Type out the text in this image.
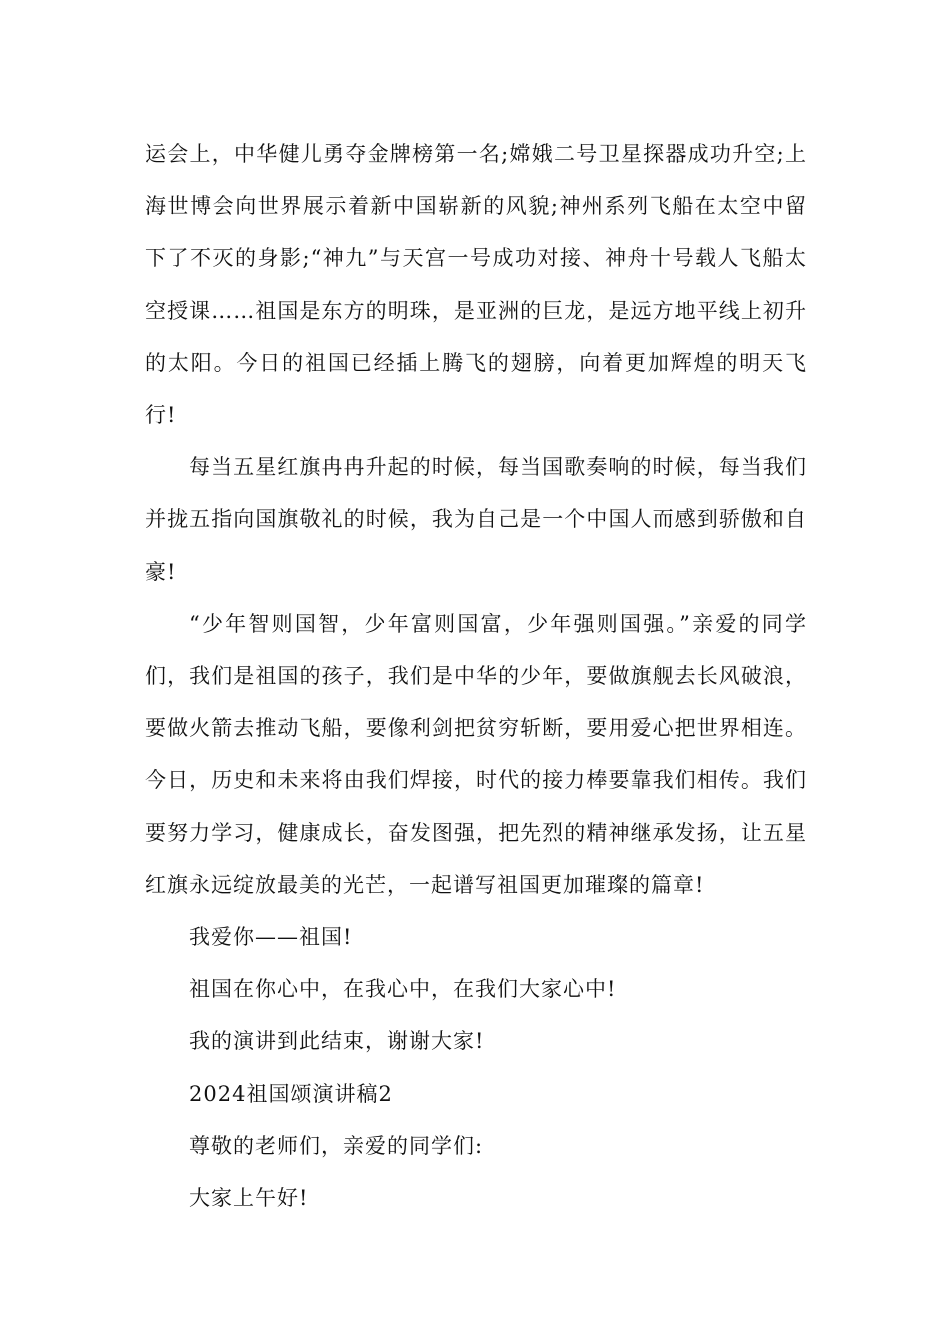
运会上，中华健儿勇夺金牌榜第一名;嫦娥二号卫星探器成功升空;上海世博会向世界展示着新中国崭新的风貌;神州系列飞船在太空中留下了不灭的身影;“神九”与天宫一号成功对接、神舟十号载人飞船太空授课……祖国是东方的明珠，是亚洲的巨龙，是远方地平线上初升的太阳。今日的祖国已经插上腾飞的翅膀，向着更加辉煌的明天飞行!

每当五星红旗冉冉升起的时候，每当国歌奏响的时候，每当我们并拢五指向国旗敬礼的时候，我为自己是一个中国人而感到骄傲和自豪!

“少年智则国智，少年富则国富，少年强则国强。”亲爱的同学们，我们是祖国的孩子，我们是中华的少年，要做旗舰去长风破浪，要做火箭去推动飞船，要像利剑把贫穷斩断，要用爱心把世界相连。今日，历史和未来将由我们焊接，时代的接力棒要靠我们相传。我们要努力学习，健康成长，奋发图强，把先烈的精神继承发扬，让五星红旗永远绽放最美的光芒，一起谱写祖国更加璀璨的篇章!

我爱你——祖国!

祖国在你心中，在我心中，在我们大家心中!

我的演讲到此结束，谢谢大家!

2024祖国颂演讲稿2

尊敬的老师们，亲爱的同学们:

大家上午好!
